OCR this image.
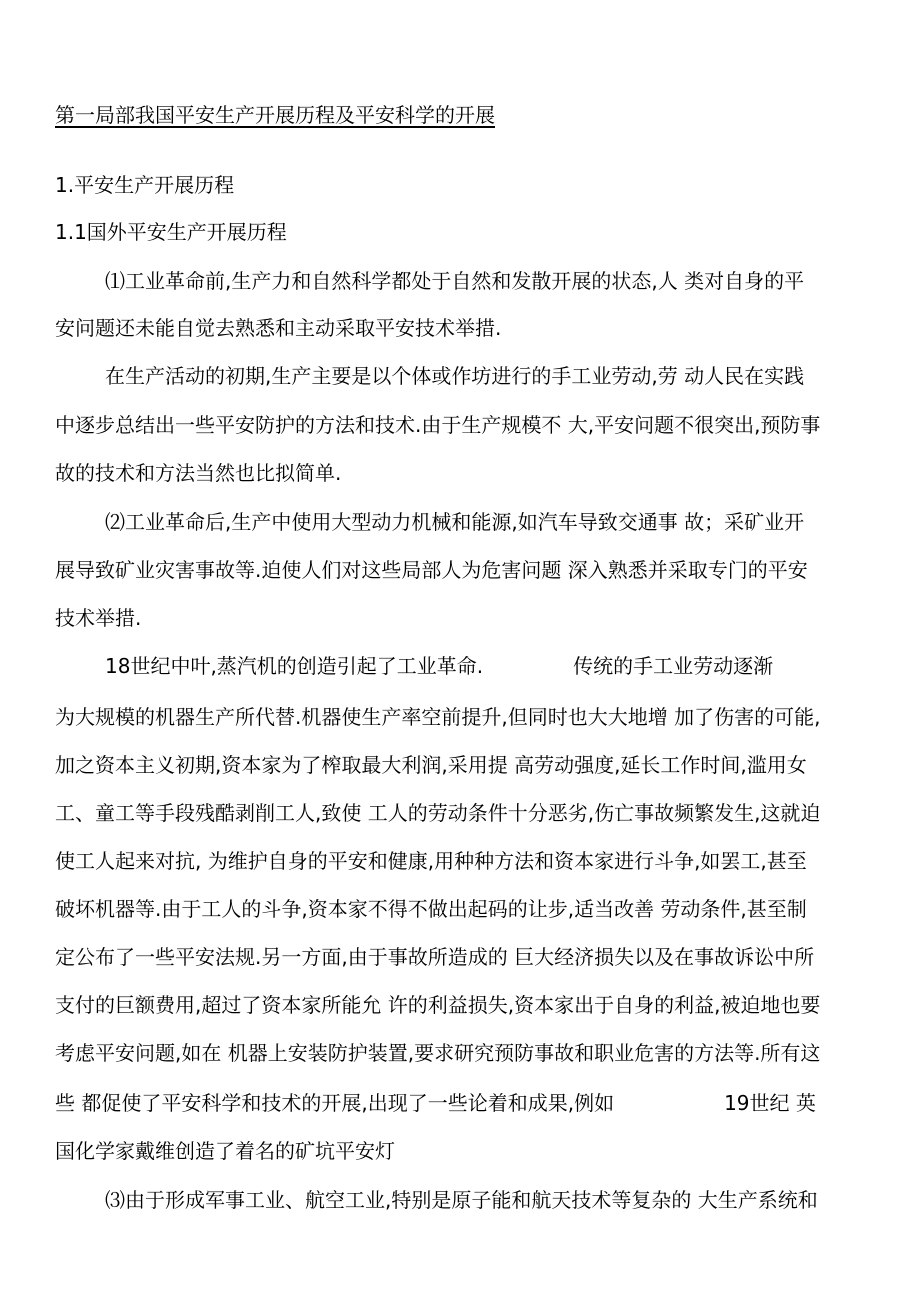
第一局部我国平安生产开展历程及平安科学的开展
1.平安生产开展历程
1.1国外平安生产开展历程
⑴工业革命前,生产力和自然科学都处于自然和发散开展的状态,人 类对自身的平
安问题还未能自觉去熟悉和主动采取平安技术举措.
在生产活动的初期,生产主要是以个体或作坊进行的手工业劳动,劳 动人民在实践
中逐步总结出一些平安防护的方法和技术.由于生产规模不 大,平安问题不很突出,预防事
故的技术和方法当然也比拟简单.
⑵工业革命后,生产中使用大型动力机械和能源,如汽车导致交通事 故；采矿业开
展导致矿业灾害事故等.迫使人们对这些局部人为危害问题 深入熟悉并采取专门的平安
技术举措.
18世纪中叶,蒸汽机的创造引起了工业革命.	传统的手工业劳动逐渐
为大规模的机器生产所代替.机器使生产率空前提升,但同时也大大地增 加了伤害的可能,
加之资本主义初期,资本家为了榨取最大利润,采用提 高劳动强度,延长工作时间,滥用女
工、童工等手段残酷剥削工人,致使 工人的劳动条件十分恶劣,伤亡事故频繁发生,这就迫
使工人起来对抗, 为维护自身的平安和健康,用种种方法和资本家进行斗争,如罢工,甚至
破坏机器等.由于工人的斗争,资本家不得不做出起码的让步,适当改善 劳动条件,甚至制
定公布了一些平安法规.另一方面,由于事故所造成的 巨大经济损失以及在事故诉讼中所
支付的巨额费用,超过了资本家所能允 许的利益损失,资本家出于自身的利益,被迫地也要
考虑平安问题,如在 机器上安装防护装置,要求研究预防事故和职业危害的方法等.所有这
些 都促使了平安科学和技术的开展,出现了一些论着和成果,例如	19世纪 英
国化学家戴维创造了着名的矿坑平安灯
⑶由于形成军事工业、航空工业,特别是原子能和航天技术等复杂的 大生产系统和
